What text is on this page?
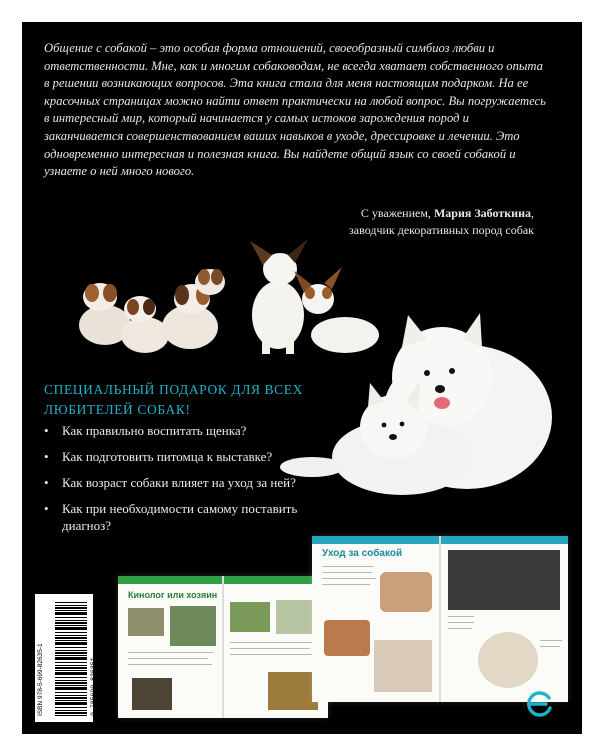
Общение с собакой – это особая форма отношений, своеобразный симбиоз любви и ответственности. Мне, как и многим собаководам, не всегда хватает собственного опыта в решении возникающих вопросов. Эта книга стала для меня настоящим подарком. На ее красочных страницах можно найти ответ практически на любой вопрос. Вы погружаетесь в интересный мир, который начинается у самых истоков зарождения пород и заканчивается совершенствованием ваших навыков в уходе, дрессировке и лечении. Это одновременно интересная и полезная книга. Вы найдете общий язык со своей собакой и узнаете о ней много нового.
С уважением, Мария Заботкина,
заводчик декоративных пород собак
СПЕЦИАЛЬНЫЙ ПОДАРОК ДЛЯ ВСЕХ ЛЮБИТЕЛЕЙ СОБАК!
• Как правильно воспитать щенка?
• Как подготовить питомца к выставке?
• Как возраст собаки влияет на уход за ней?
• Как при необходимости самому поставить диагноз?
Кинолог или хозяин
Уход за собакой
ISBN 978-5-699-82635-1	9 785699 826351
